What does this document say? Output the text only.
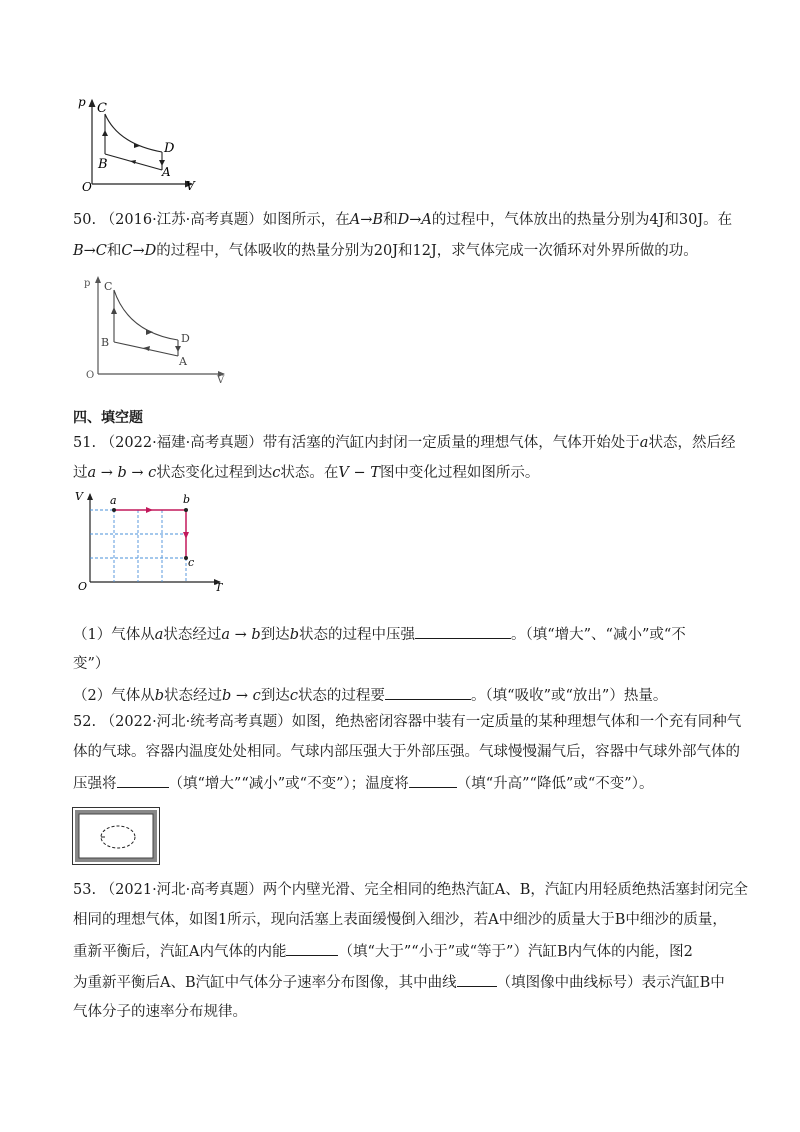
p C
D
B	A
O	V
50. （2016·江苏·高考真题）如图所示，在A→B和D→A的过程中，气体放出的热量分别为4J和30J。在
B→C和C→D的过程中，气体吸收的热量分别为20J和12J，求气体完成一次循环对外界所做的功。
p C
D
B
A
O	V
四、填空题
51. （2022·福建·高考真题）带有活塞的汽缸内封闭一定质量的理想气体，气体开始处于a状态，然后经
过a → b → c状态变化过程到达c状态。在V − T图中变化过程如图所示。
V a	b
c
O	T
（1）气体从a状态经过a → b到达b状态的过程中压强	。（填“增大”、“减小”或“不
变”）
（2）气体从b状态经过b → c到达c状态的过程要	。（填“吸收”或“放出”）热量。
52. （2022·河北·统考高考真题）如图，绝热密闭容器中装有一定质量的某种理想气体和一个充有同种气
体的气球。容器内温度处处相同。气球内部压强大于外部压强。气球慢慢漏气后，容器中气球外部气体的
压强将	（填“增大”“减小”或“不变”）；温度将	（填“升高”“降低”或“不变”）。
53. （2021·河北·高考真题）两个内壁光滑、完全相同的绝热汽缸A、B，汽缸内用轻质绝热活塞封闭完全
相同的理想气体，如图1所示，现向活塞上表面缓慢倒入细沙，若A中细沙的质量大于B中细沙的质量，
重新平衡后，汽缸A内气体的内能	（填“大于”“小于”或“等于”）汽缸B内气体的内能，图2
为重新平衡后A、B汽缸中气体分子速率分布图像，其中曲线	（填图像中曲线标号）表示汽缸B中
气体分子的速率分布规律。
